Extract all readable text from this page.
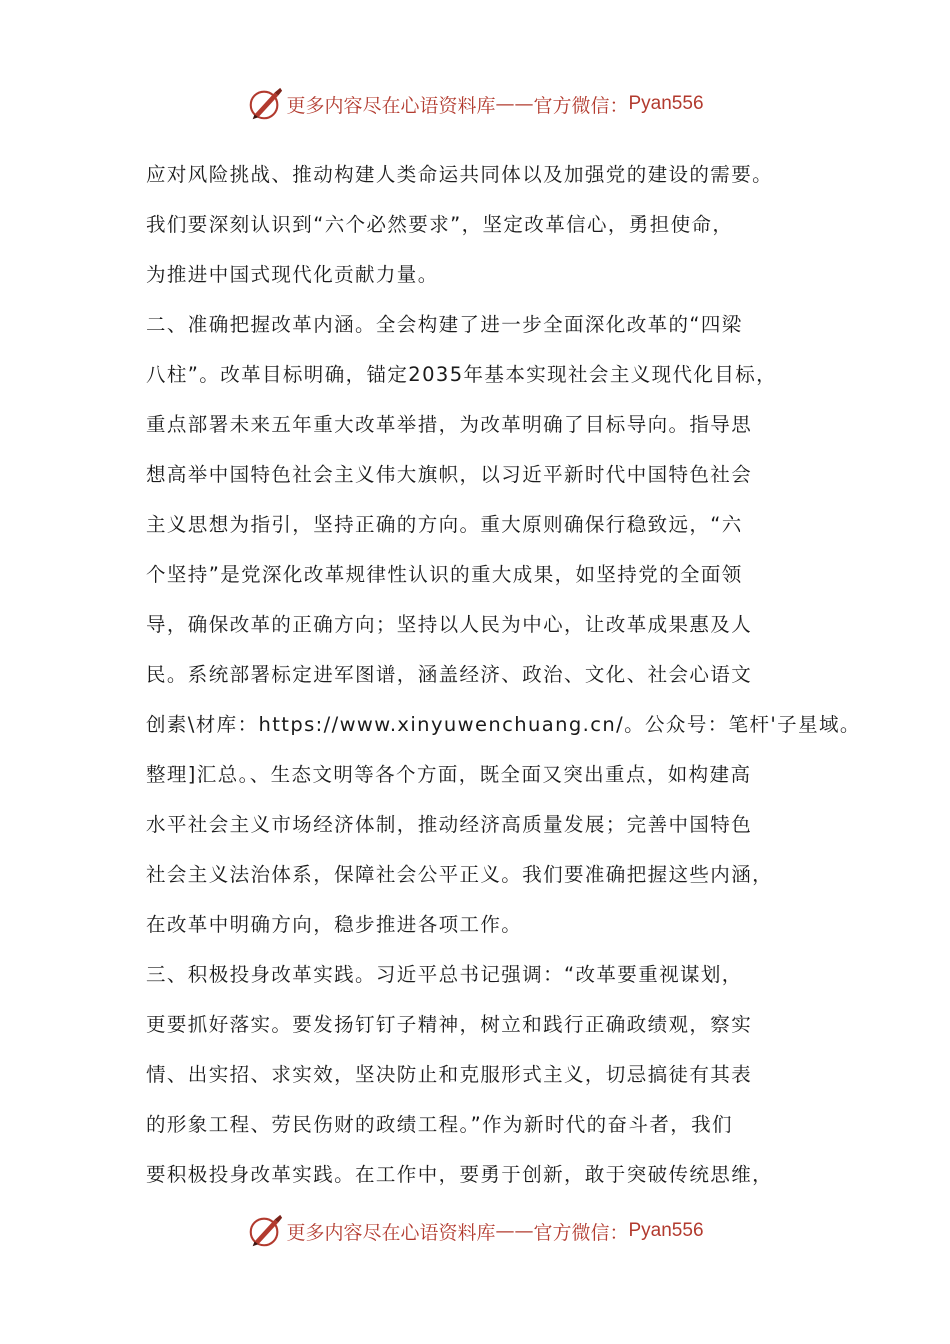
更多内容尽在心语资料库 —— 官方微信： Pyan556
应对风险挑战、推动构建人类命运共同体以及加强党的建设的需要。
我们要深刻认识到“六个必然要求”，坚定改革信心，勇担使命，
为推进中国式现代化贡献力量。
二、准确把握改革内涵。全会构建了进一步全面深化改革的“四梁
八柱”。改革目标明确，锚定2035年基本实现社会主义现代化目标，
重点部署未来五年重大改革举措，为改革明确了目标导向。指导思
想高举中国特色社会主义伟大旗帜，以习近平新时代中国特色社会
主义思想为指引，坚持正确的方向。重大原则确保行稳致远，“六
个坚持”是党深化改革规律性认识的重大成果，如坚持党的全面领
导，确保改革的正确方向；坚持以人民为中心，让改革成果惠及人
民。系统部署标定进军图谱，涵盖经济、政治、文化、社会心语文
创素\材库：https://www.xinyuwenchuang.cn/。公众号：笔杆'子星域。
整理]汇总。、生态文明等各个方面，既全面又突出重点，如构建高
水平社会主义市场经济体制，推动经济高质量发展；完善中国特色
社会主义法治体系，保障社会公平正义。我们要准确把握这些内涵，
在改革中明确方向，稳步推进各项工作。
三、积极投身改革实践。习近平总书记强调：“改革要重视谋划，
更要抓好落实。要发扬钉钉子精神，树立和践行正确政绩观，察实
情、出实招、求实效，坚决防止和克服形式主义，切忌搞徒有其表
的形象工程、劳民伤财的政绩工程。”作为新时代的奋斗者，我们
要积极投身改革实践。在工作中，要勇于创新，敢于突破传统思维，
更多内容尽在心语资料库 —— 官方微信： Pyan556
